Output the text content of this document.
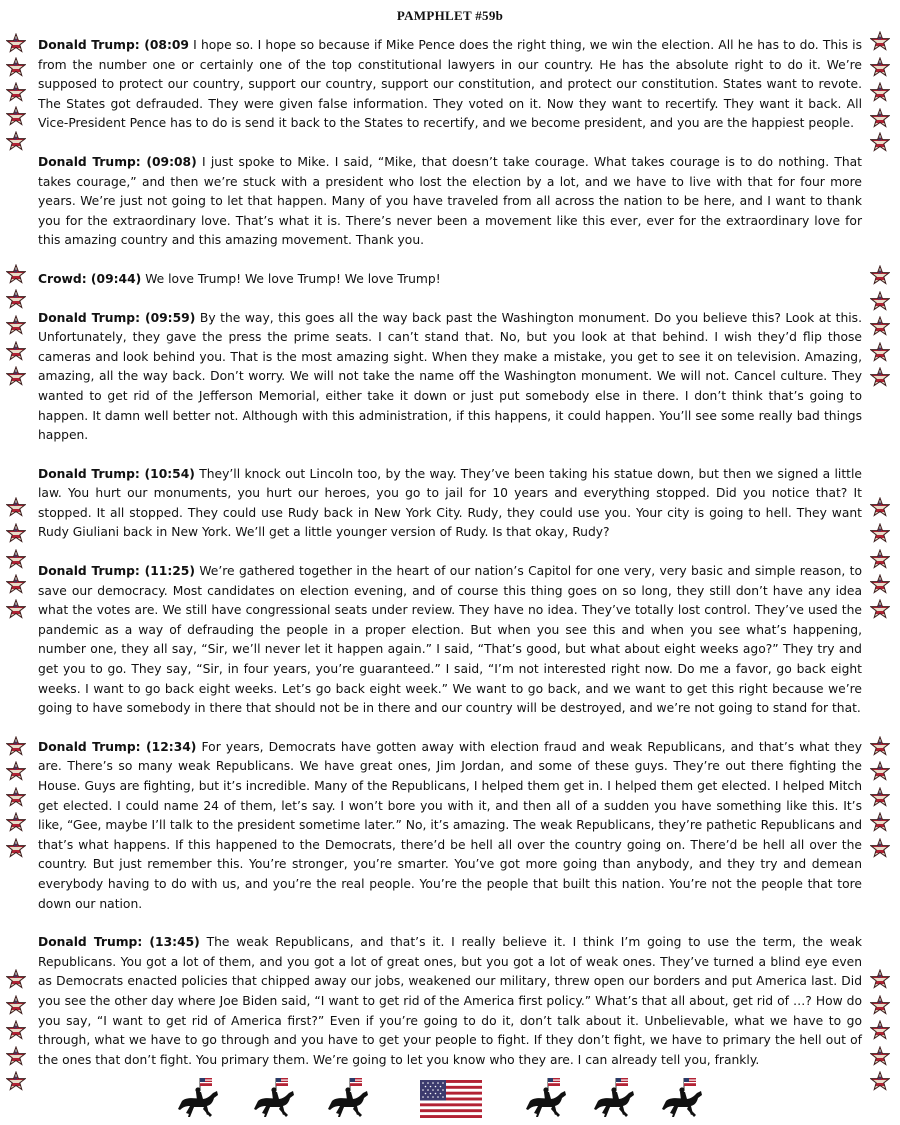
PAMPHLET #59b

Donald Trump: (08:09 I hope so. I hope so because if Mike Pence does the right thing, we win the election. All he has to do. This is from the number one or certainly one of the top constitutional lawyers in our country. He has the absolute right to do it. We’re supposed to protect our country, support our country, support our constitution, and protect our constitution. States want to revote. The States got defrauded. They were given false information. They voted on it. Now they want to recertify. They want it back. All Vice-President Pence has to do is send it back to the States to recertify, and we become president, and you are the happiest people.

Donald Trump: (09:08) I just spoke to Mike. I said, “Mike, that doesn’t take courage. What takes courage is to do nothing. That takes courage,” and then we’re stuck with a president who lost the election by a lot, and we have to live with that for four more years. We’re just not going to let that happen. Many of you have traveled from all across the nation to be here, and I want to thank you for the extraordinary love. That’s what it is. There’s never been a movement like this ever, ever for the extraordinary love for this amazing country and this amazing movement. Thank you.

Crowd: (09:44) We love Trump! We love Trump! We love Trump!

Donald Trump: (09:59) By the way, this goes all the way back past the Washington monument. Do you believe this? Look at this. Unfortunately, they gave the press the prime seats. I can’t stand that. No, but you look at that behind. I wish they’d flip those cameras and look behind you. That is the most amazing sight. When they make a mistake, you get to see it on television. Amazing, amazing, all the way back. Don’t worry. We will not take the name off the Washington monument. We will not. Cancel culture. They wanted to get rid of the Jefferson Memorial, either take it down or just put somebody else in there. I don’t think that’s going to happen. It damn well better not. Although with this administration, if this happens, it could happen. You’ll see some really bad things happen.

Donald Trump: (10:54) They’ll knock out Lincoln too, by the way. They’ve been taking his statue down, but then we signed a little law. You hurt our monuments, you hurt our heroes, you go to jail for 10 years and everything stopped. Did you notice that? It stopped. It all stopped. They could use Rudy back in New York City. Rudy, they could use you. Your city is going to hell. They want Rudy Giuliani back in New York. We’ll get a little younger version of Rudy. Is that okay, Rudy?

Donald Trump: (11:25) We’re gathered together in the heart of our nation’s Capitol for one very, very basic and simple reason, to save our democracy. Most candidates on election evening, and of course this thing goes on so long, they still don’t have any idea what the votes are. We still have congressional seats under review. They have no idea. They’ve totally lost control. They’ve used the pandemic as a way of defrauding the people in a proper election. But when you see this and when you see what’s happening, number one, they all say, “Sir, we’ll never let it happen again.” I said, “That’s good, but what about eight weeks ago?” They try and get you to go. They say, “Sir, in four years, you’re guaranteed.” I said, “I’m not interested right now. Do me a favor, go back eight weeks. I want to go back eight weeks. Let’s go back eight week.” We want to go back, and we want to get this right because we’re going to have somebody in there that should not be in there and our country will be destroyed, and we’re not going to stand for that.

Donald Trump: (12:34) For years, Democrats have gotten away with election fraud and weak Republicans, and that’s what they are. There’s so many weak Republicans. We have great ones, Jim Jordan, and some of these guys. They’re out there fighting the House. Guys are fighting, but it’s incredible. Many of the Republicans, I helped them get in. I helped them get elected. I helped Mitch get elected. I could name 24 of them, let’s say. I won’t bore you with it, and then all of a sudden you have something like this. It’s like, “Gee, maybe I’ll talk to the president sometime later.” No, it’s amazing. The weak Republicans, they’re pathetic Republicans and that’s what happens. If this happened to the Democrats, there’d be hell all over the country going on. There’d be hell all over the country. But just remember this. You’re stronger, you’re smarter. You’ve got more going than anybody, and they try and demean everybody having to do with us, and you’re the real people. You’re the people that built this nation. You’re not the people that tore down our nation.

Donald Trump: (13:45) The weak Republicans, and that’s it. I really believe it. I think I’m going to use the term, the weak Republicans. You got a lot of them, and you got a lot of great ones, but you got a lot of weak ones. They’ve turned a blind eye even as Democrats enacted policies that chipped away our jobs, weakened our military, threw open our borders and put America last. Did you see the other day where Joe Biden said, “I want to get rid of the America first policy.” What’s that all about, get rid of …? How do you say, “I want to get rid of America first?” Even if you’re going to do it, don’t talk about it. Unbelievable, what we have to go through, what we have to go through and you have to get your people to fight. If they don’t fight, we have to primary the hell out of the ones that don’t fight. You primary them. We’re going to let you know who they are. I can already tell you, frankly.
